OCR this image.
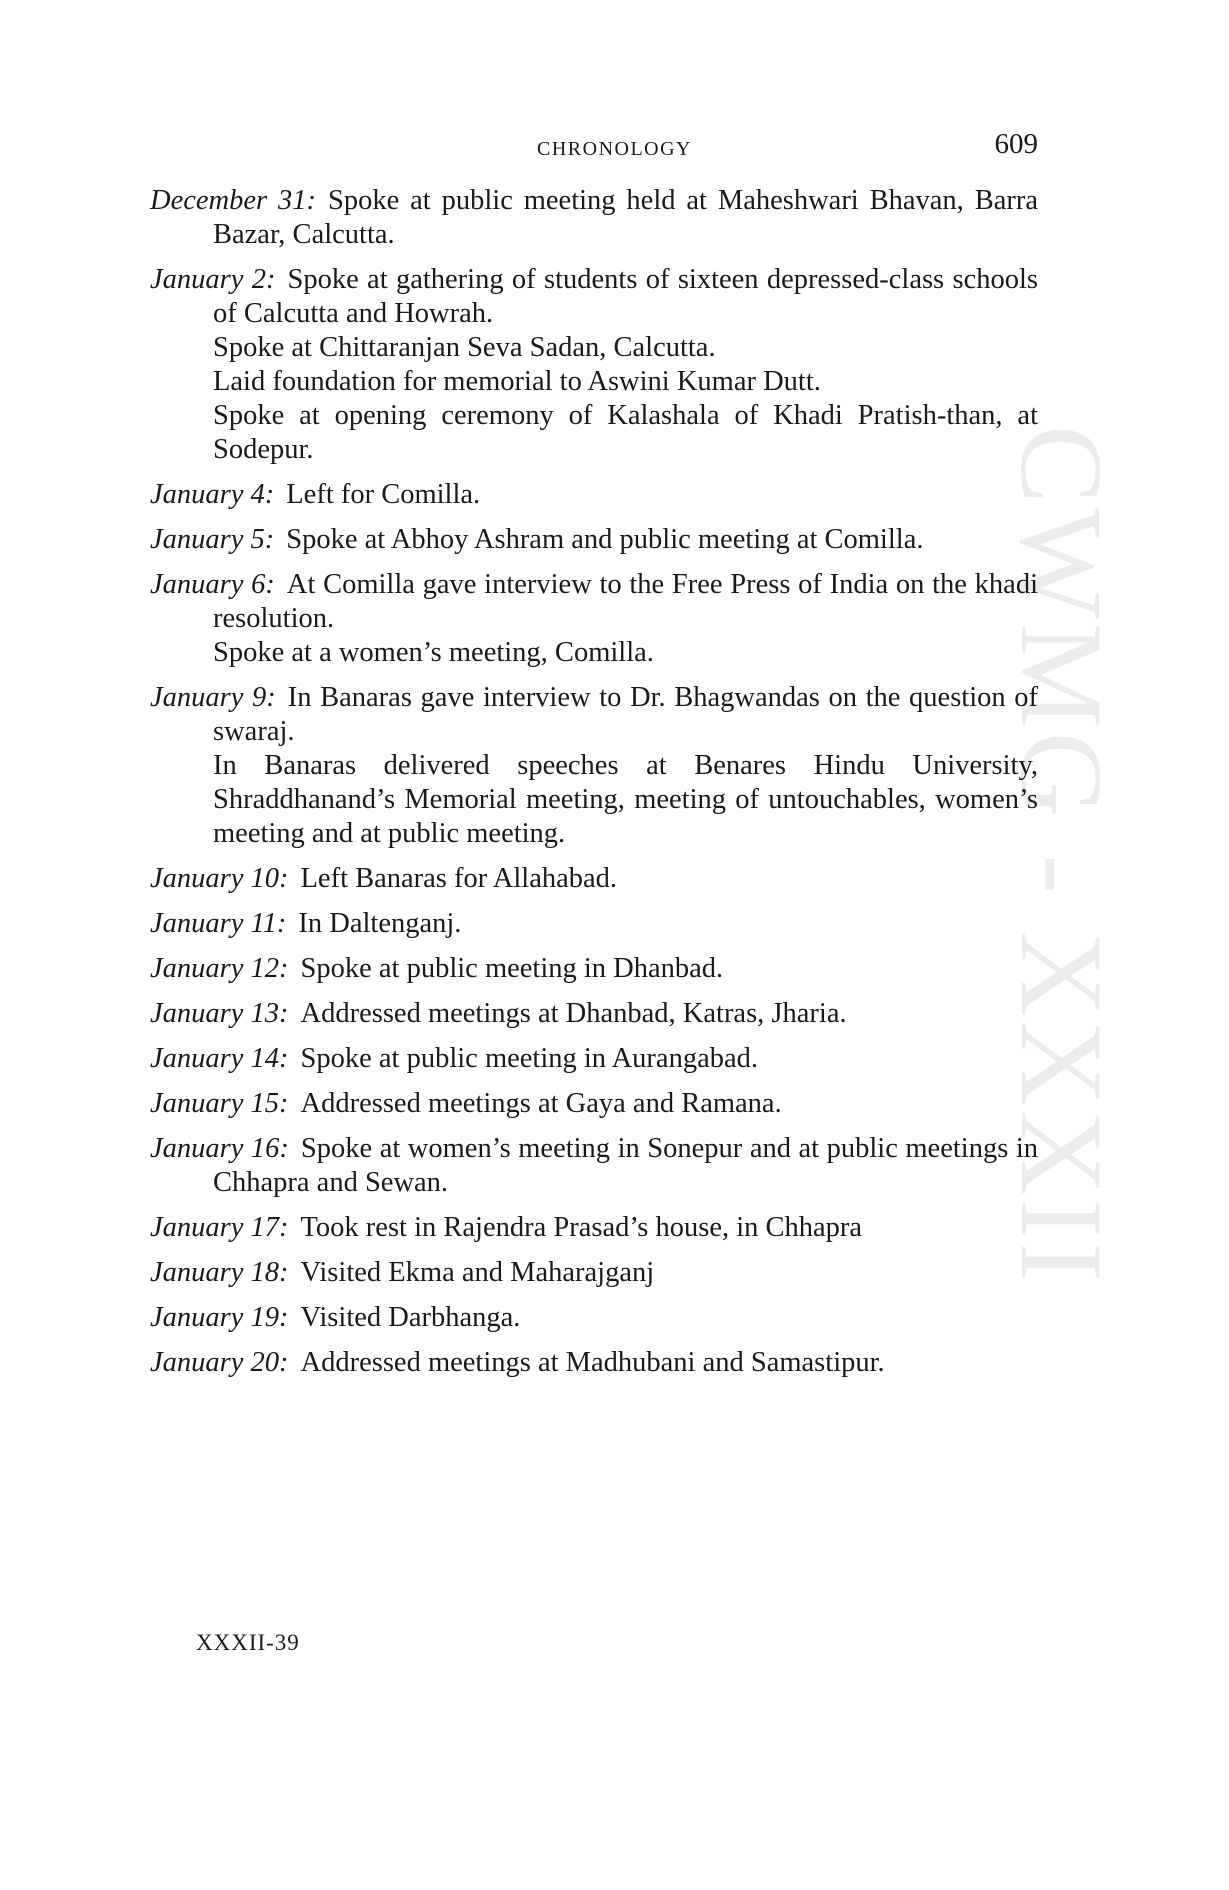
CWMG - XXXII
CHRONOLOGY	609
December 31: Spoke at public meeting held at Maheshwari Bhavan, Barra Bazar, Calcutta.
January 2: Spoke at gathering of students of sixteen depressed-class schools of Calcutta and Howrah.
Spoke at Chittaranjan Seva Sadan, Calcutta.
Laid foundation for memorial to Aswini Kumar Dutt.
Spoke at opening ceremony of Kalashala of Khadi Pratish-than, at Sodepur.
January 4: Left for Comilla.
January 5: Spoke at Abhoy Ashram and public meeting at Comilla.
January 6: At Comilla gave interview to the Free Press of India on the khadi resolution.
Spoke at a women’s meeting, Comilla.
January 9: In Banaras gave interview to Dr. Bhagwandas on the question of swaraj.
In Banaras delivered speeches at Benares Hindu University, Shraddhanand’s Memorial meeting, meeting of untouchables, women’s meeting and at public meeting.
January 10: Left Banaras for Allahabad.
January 11: In Daltenganj.
January 12: Spoke at public meeting in Dhanbad.
January 13: Addressed meetings at Dhanbad, Katras, Jharia.
January 14: Spoke at public meeting in Aurangabad.
January 15: Addressed meetings at Gaya and Ramana.
January 16: Spoke at women’s meeting in Sonepur and at public meetings in Chhapra and Sewan.
January 17: Took rest in Rajendra Prasad’s house, in Chhapra
January 18: Visited Ekma and Maharajganj
January 19: Visited Darbhanga.
January 20: Addressed meetings at Madhubani and Samastipur.
XXXII-39
